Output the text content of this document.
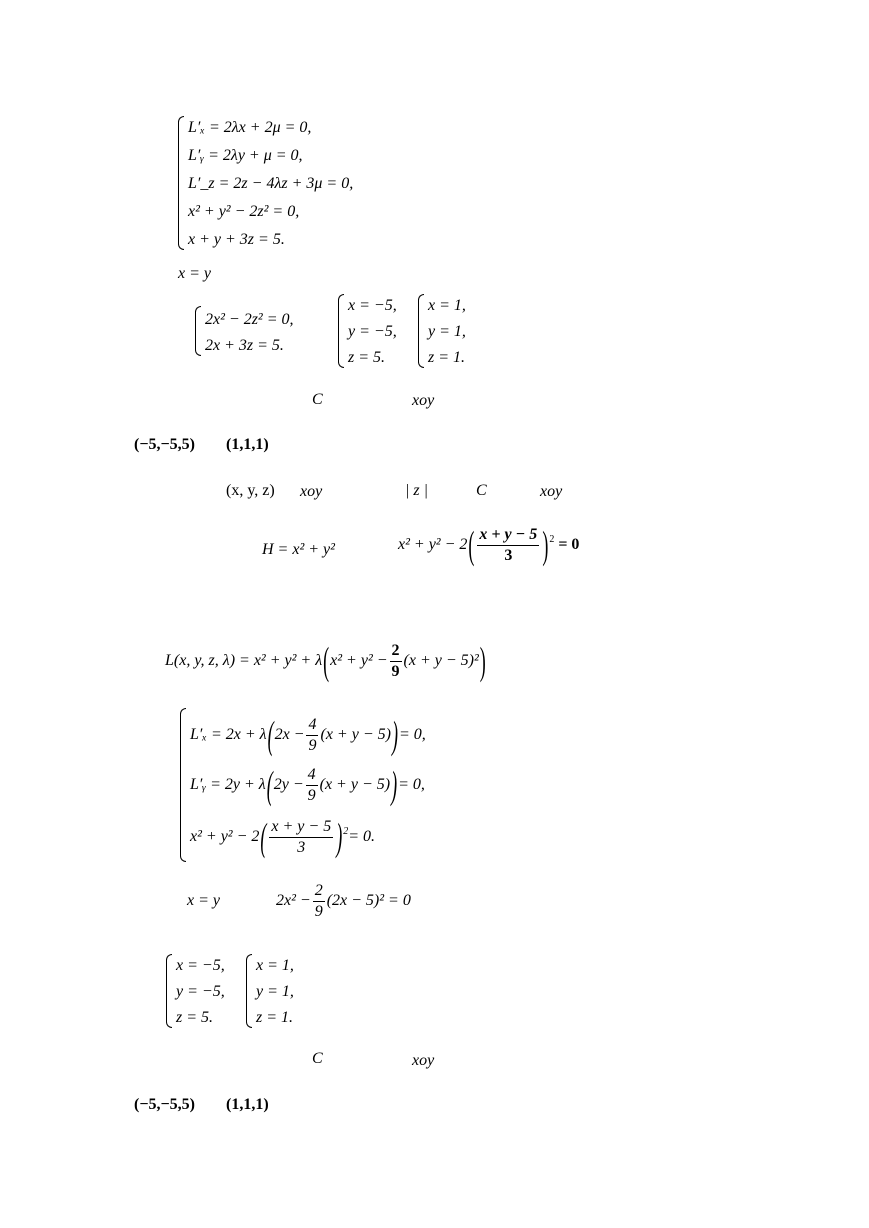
L′ₓ = 2λx + 2μ = 0,
L′ᵧ = 2λy + μ = 0,
L′_z = 2z − 4λz + 3μ = 0,
x² + y² − 2z² = 0,
x + y + 3z = 5.
x = y
2x² − 2z² = 0,
2x + 3z = 5.
x = −5,
y = −5,
z = 5.
x = 1,
y = 1,
z = 1.
C	xoy
(−5,−5,5) (1,1,1)
(x, y, z) xoy	| z |	C	xoy
H = x² + y²	$x^2 + y^2 - 2( \frac{x + y - 5}{3} )^2 = 0$
L(x, y, z, $\lambda) = x^2 + y^2 + \lambda(x^2 + y^2 - \frac{2}{9} (x + y - 5)^2)$
$L'_x = 2x + \lambda(2x - \frac{4}{9} (x + y - 5))= 0$,
L′ᵧ = $2y + \lambda(2y - \frac{4}{9} (x + y - 5))= 0$,
$x^2 + y^2 - 2( \frac{x + y - 5}{3} )^2= 0$.
x = y	$2x^2 - \frac{2}{9} (2x - 5)^2 = 0$
x = −5,
y = −5,
z = 5.
x = 1,
y = 1,
z = 1.
C	xoy
(−5,−5,5) (1,1,1)
